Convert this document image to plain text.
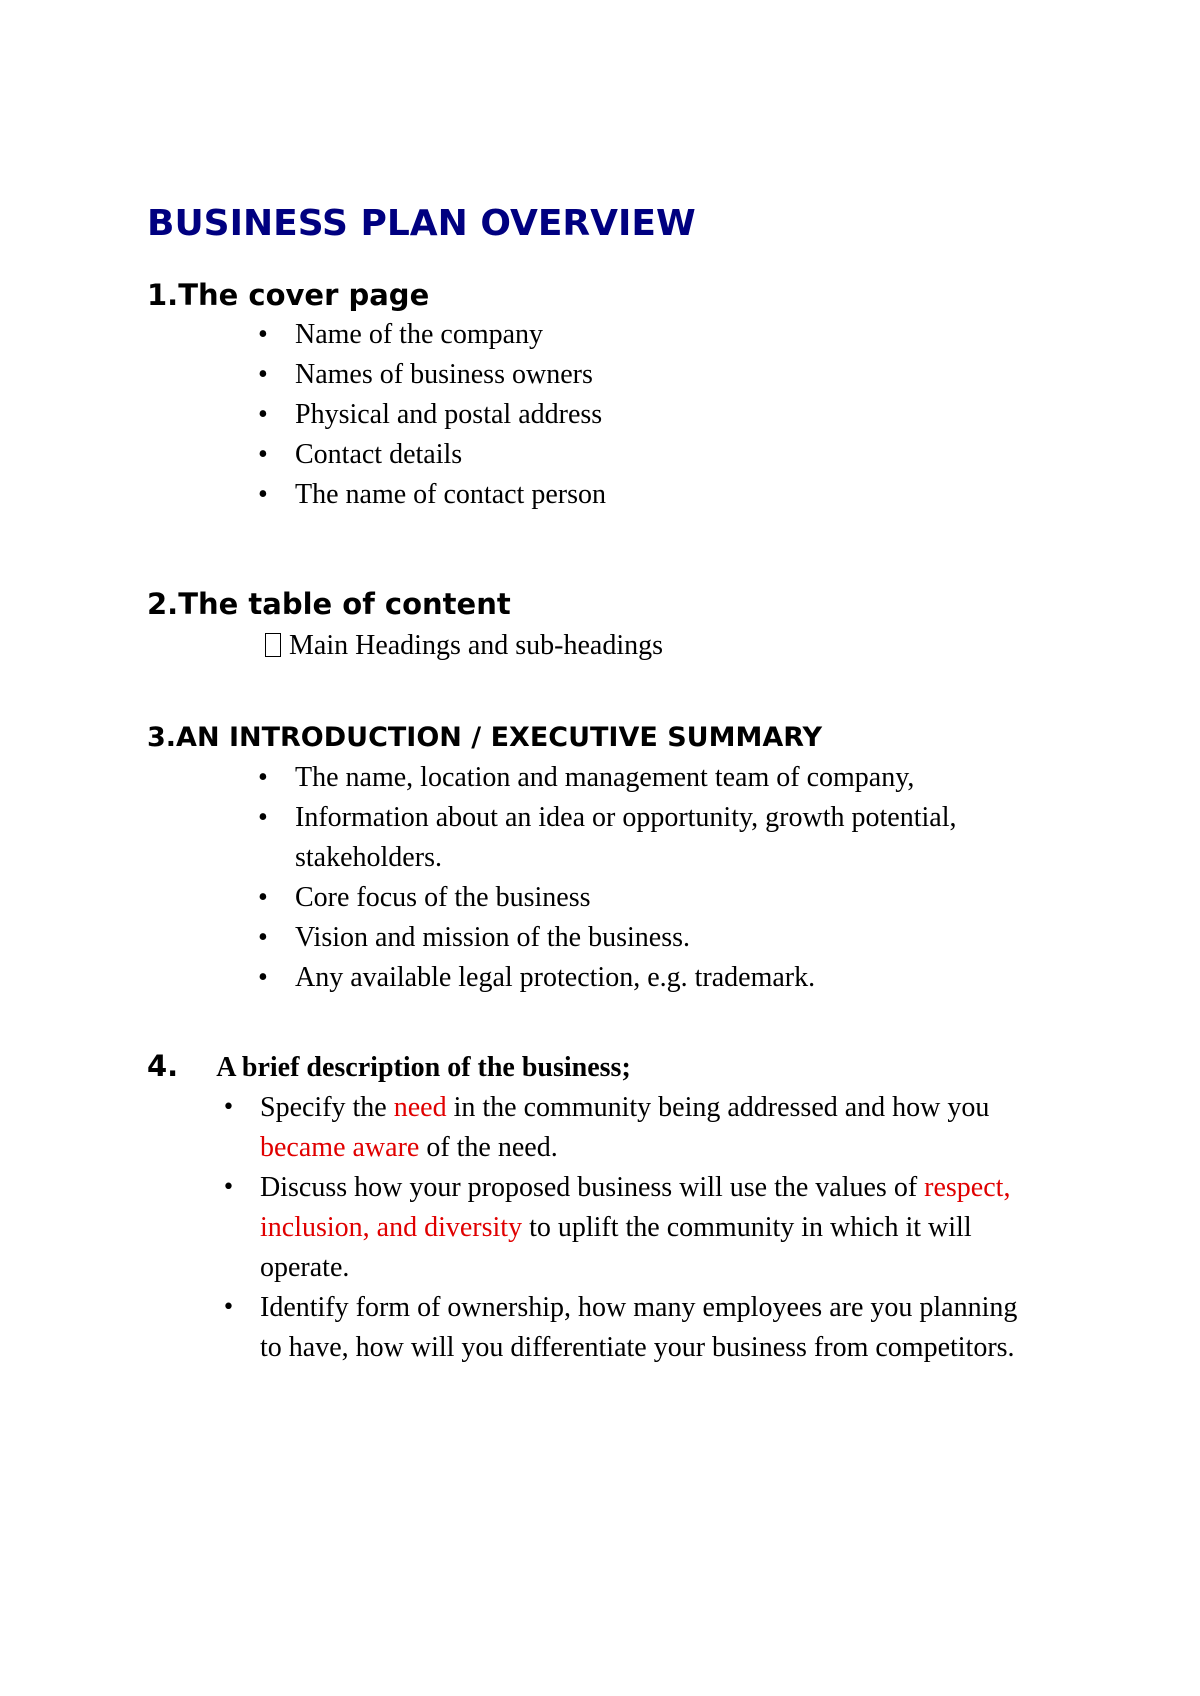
BUSINESS PLAN OVERVIEW
1.The cover page
• Name of the company
• Names of business owners
• Physical and postal address
• Contact details
• The name of contact person
2.The table of content

Main Headings and sub-headings

3.AN INTRODUCTION / EXECUTIVE SUMMARY
• The name, location and management team of company,
• Information about an idea or opportunity, growth potential, stakeholders.
• Core focus of the business
• Vision and mission of the business.
• Any available legal protection, e.g. trademark.
4. A brief description of the business;
• Specify the need in the community being addressed and how you became aware of the need.
• Discuss how your proposed business will use the values of respect, inclusion, and diversity to uplift the community in which it will operate.
• Identify form of ownership, how many employees are you planning to have, how will you differentiate your business from competitors.
